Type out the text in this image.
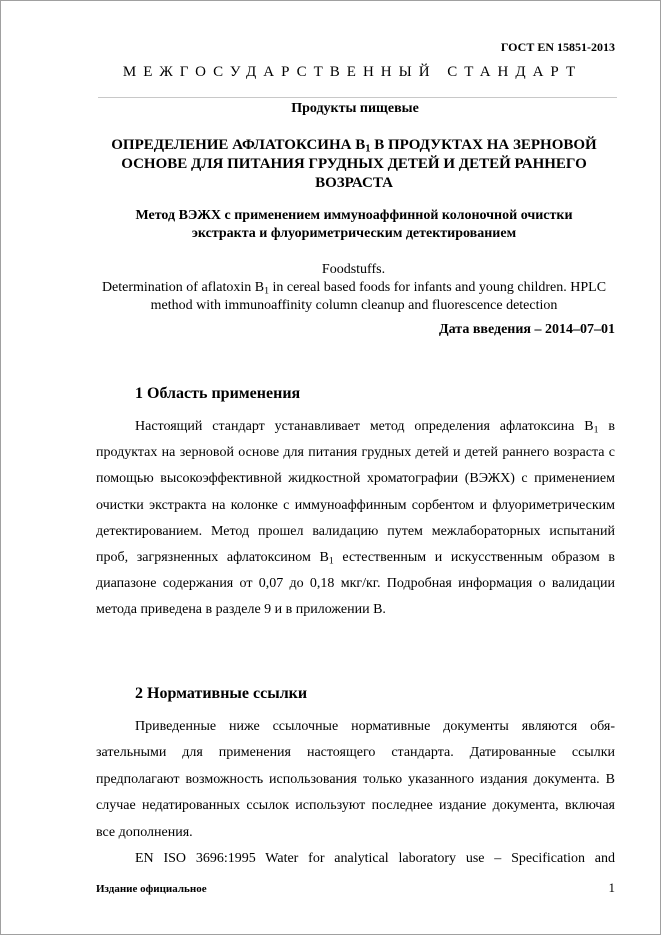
ГОСТ EN 15851-2013
МЕЖГОСУДАРСТВЕННЫЙ СТАНДАРТ
Продукты пищевые
ОПРЕДЕЛЕНИЕ АФЛАТОКСИНА $B_1$ В ПРОДУКТАХ НА ЗЕРНОВОЙ ОСНОВЕ ДЛЯ ПИТАНИЯ ГРУДНЫХ ДЕТЕЙ И ДЕТЕЙ РАННЕГО ВОЗРАСТА
Метод ВЭЖХ с применением иммуноаффинной колоночной очистки экстракта и флуориметрическим детектированием
Foodstuffs.
Determination of aflatoxin $B_1$ in cereal based foods for infants and young children. HPLC method with immunoaffinity column cleanup and fluorescence detection
Дата введения – 2014–07–01
1 Область применения

Настоящий стандарт устанавливает метод определения афлатоксина $B_1$ в продуктах на зерновой основе для питания грудных детей и детей раннего возраста с помощью высокоэффективной жидкостной хроматографии (ВЭЖХ) с применением очистки экстракта на колонке с иммуноаффинным сорбентом и флуориметрическим детектированием. Метод прошел валидацию путем межлабораторных испытаний проб, загрязненных афлатоксином $B_1$ естественным и искусственным образом в диапазоне содержания от 0,07 до 0,18 мкг/кг. Подробная информация о валидации метода приведена в разделе 9 и в приложении B.

2 Нормативные ссылки

Приведенные ниже ссылочные нормативные документы являются обязательными для применения настоящего стандарта. Датированные ссылки предполагают возможность использования только указанного издания документа. В случае недатированных ссылок используют последнее издание документа, включая все дополнения.

EN ISO 3696:1995 Water for analytical laboratory use – Specification and

Издание официальное	1
